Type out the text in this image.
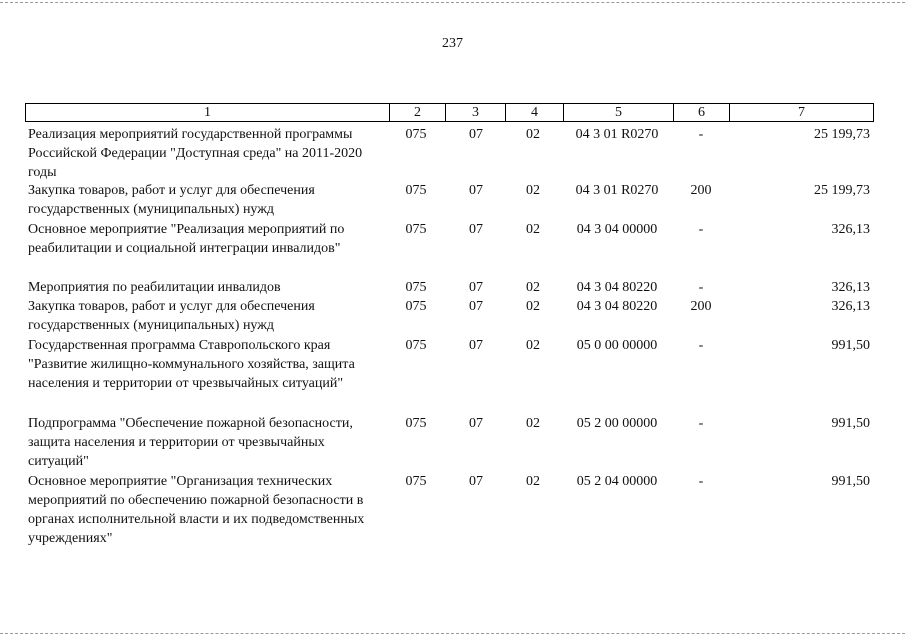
237
1	2	3	4	5	6	7
Реализация мероприятий государственной программы Российской Федерации "Доступная среда" на 2011-2020 годы
075	07	02	04 3 01 R0270	-	25 199,73
Закупка товаров, работ и услуг для обеспечения государственных (муниципальных) нужд
075	07	02	04 3 01 R0270	200	25 199,73
Основное мероприятие "Реализация мероприятий по реабилитации и социальной интеграции инвалидов"
075	07	02	04 3 04 00000	-	326,13
Мероприятия по реабилитации инвалидов	075	07	02	04 3 04 80220	-	326,13
Закупка товаров, работ и услуг для обеспечения государственных (муниципальных) нужд
075	07	02	04 3 04 80220	200	326,13
Государственная программа Ставропольского края "Развитие жилищно-коммунального хозяйства, защита населения и территории от чрезвычайных ситуаций"
075	07	02	05 0 00 00000	-	991,50
Подпрограмма "Обеспечение пожарной безопасности, защита населения и территории от чрезвычайных ситуаций"
075	07	02	05 2 00 00000	-	991,50
Основное мероприятие "Организация технических мероприятий по обеспечению пожарной безопасности в органах исполнительной власти и их подведомственных учреждениях"
075	07	02	05 2 04 00000	-	991,50
